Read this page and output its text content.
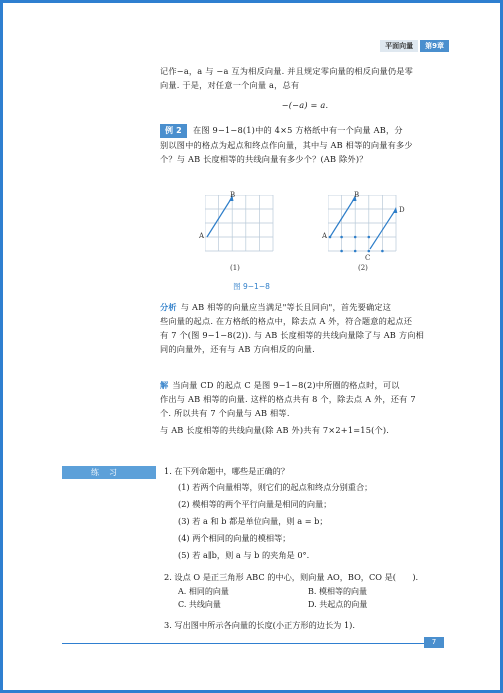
平面向量	第9章
记作−a，a 与 −a 互为相反向量. 并且规定零向量的相反向量仍是零
向量. 于是，对任意一个向量 a，总有
−(−a) = a.
例 2 在图 9−1−8(1)中的 4×5 方格纸中有一个向量 AB，分
别以图中的格点为起点和终点作向量，其中与 AB 相等的向量有多少
个？与 AB 长度相等的共线向量有多少个？(AB 除外)？
A
B
(1)
A
B
C
D
(2)
图 9−1−8
分析 与 AB 相等的向量应当满足"等长且同向"，首先要确定这
些向量的起点. 在方格纸的格点中，除去点 A 外，符合题意的起点还
有 7 个(图 9−1−8(2)). 与 AB 长度相等的共线向量除了与 AB 方向相
同的向量外，还有与 AB 方向相反的向量.
解 当向量 CD 的起点 C 是图 9−1−8(2)中所圈的格点时，可以
作出与 AB 相等的向量. 这样的格点共有 8 个，除去点 A 外，还有 7
个. 所以共有 7 个向量与 AB 相等.
与 AB 长度相等的共线向量(除 AB 外)共有 7×2+1=15(个).
练习	1. 在下列命题中，哪些是正确的？
(1) 若两个向量相等，则它们的起点和终点分别重合；
(2) 模相等的两个平行向量是相同的向量；
(3) 若 a 和 b 都是单位向量，则 a = b；
(4) 两个相同的向量的模相等；
(5) 若 a∥b，则 a 与 b 的夹角是 0°.
2. 设点 O 是正三角形 ABC 的中心，则向量 AO，BO，CO 是(　　).
A. 相同的向量	B. 模相等的向量
C. 共线向量	D. 共起点的向量
3. 写出图中所示各向量的长度(小正方形的边长为 1).
7
